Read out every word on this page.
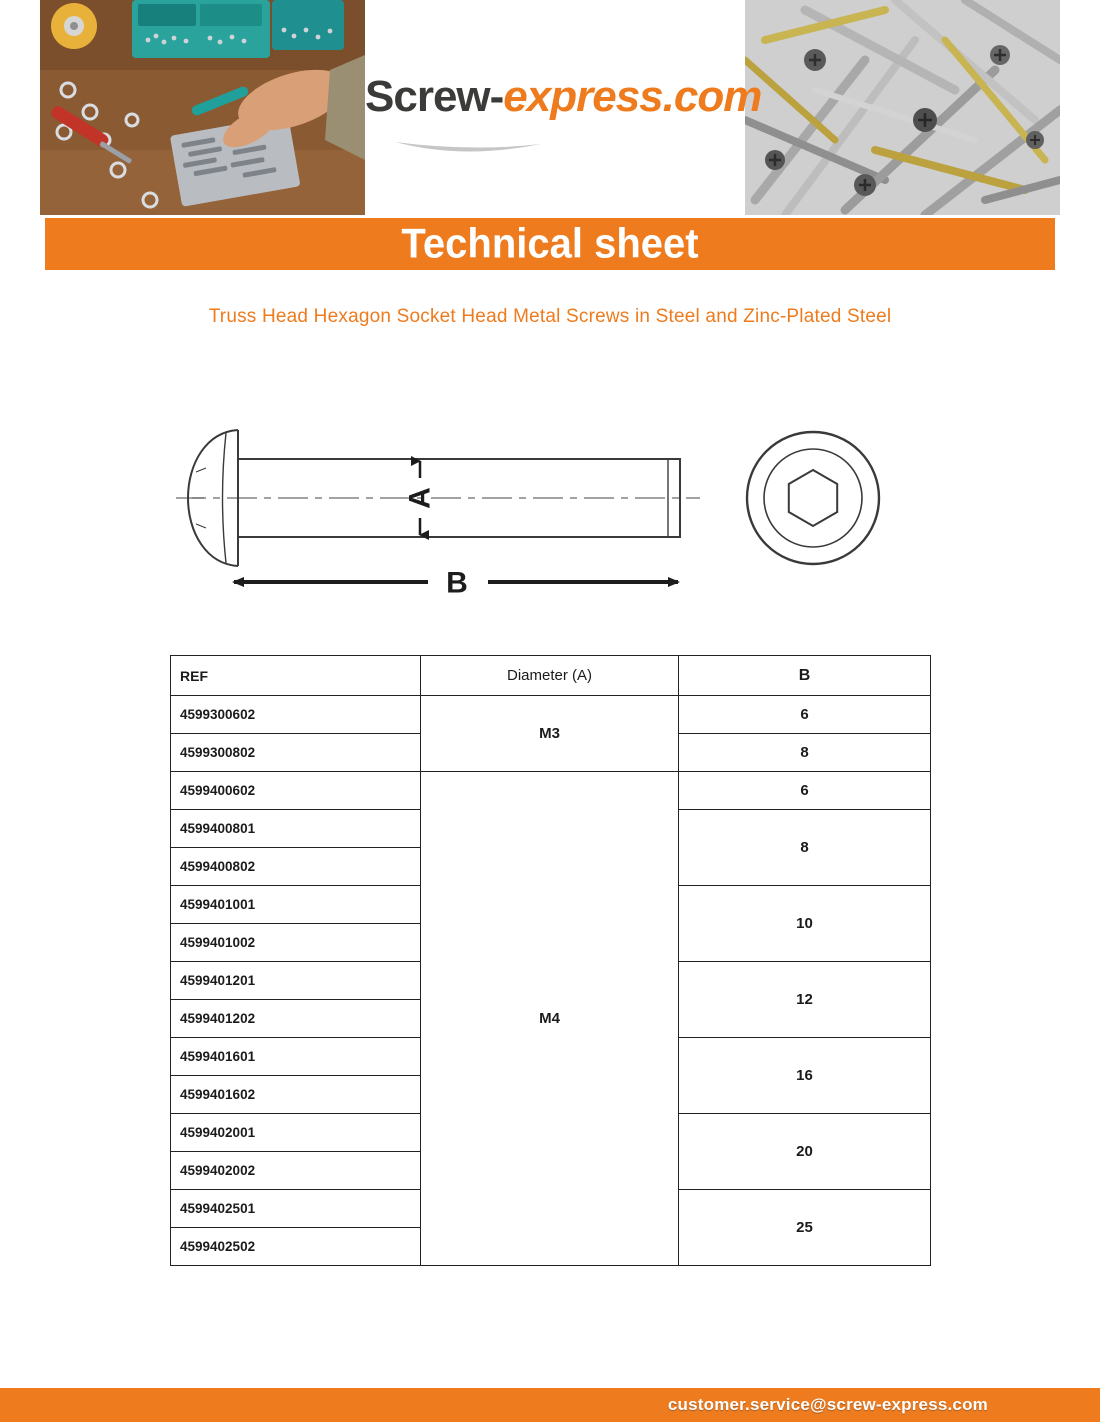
Screw-express.com
Technical sheet
Truss Head Hexagon Socket Head Metal Screws in Steel and Zinc-Plated Steel
A
B
REF	Diameter (A)	B
4599300602	M3	6
4599300802		8
4599400602	M4	6
4599400801		8
4599400802		
4599401001		10
4599401002		
4599401201		12
4599401202		
4599401601		16
4599401602		
4599402001		20
4599402002		
4599402501		25
4599402502		
customer.service@screw-express.com
